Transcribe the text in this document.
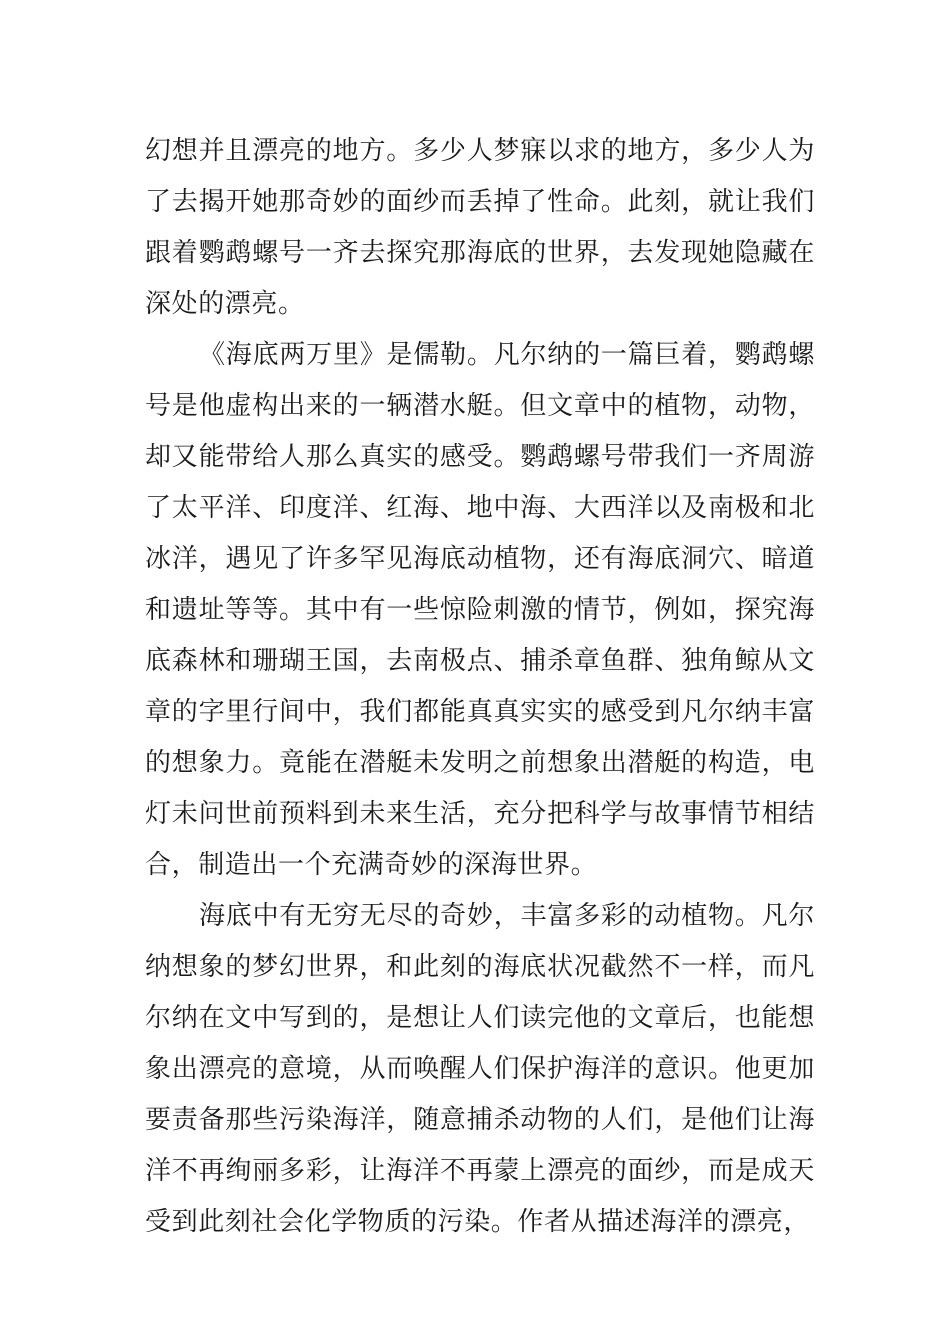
幻想并且漂亮的地方。多少人梦寐以求的地方，多少人为了去揭开她那奇妙的面纱而丢掉了性命。此刻，就让我们跟着鹦鹉螺号一齐去探究那海底的世界，去发现她隐藏在深处的漂亮。

《海底两万里》是儒勒。凡尔纳的一篇巨着，鹦鹉螺号是他虚构出来的一辆潜水艇。但文章中的植物，动物，却又能带给人那么真实的感受。鹦鹉螺号带我们一齐周游了太平洋、印度洋、红海、地中海、大西洋以及南极和北冰洋，遇见了许多罕见海底动植物，还有海底洞穴、暗道和遗址等等。其中有一些惊险刺激的情节，例如，探究海底森林和珊瑚王国，去南极点、捕杀章鱼群、独角鲸从文章的字里行间中，我们都能真真实实的感受到凡尔纳丰富的想象力。竟能在潜艇未发明之前想象出潜艇的构造，电灯未问世前预料到未来生活，充分把科学与故事情节相结合，制造出一个充满奇妙的深海世界。

海底中有无穷无尽的奇妙，丰富多彩的动植物。凡尔纳想象的梦幻世界，和此刻的海底状况截然不一样，而凡尔纳在文中写到的，是想让人们读完他的文章后，也能想象出漂亮的意境，从而唤醒人们保护海洋的意识。他更加要责备那些污染海洋，随意捕杀动物的人们，是他们让海洋不再绚丽多彩，让海洋不再蒙上漂亮的面纱，而是成天受到此刻社会化学物质的污染。作者从描述海洋的漂亮，
